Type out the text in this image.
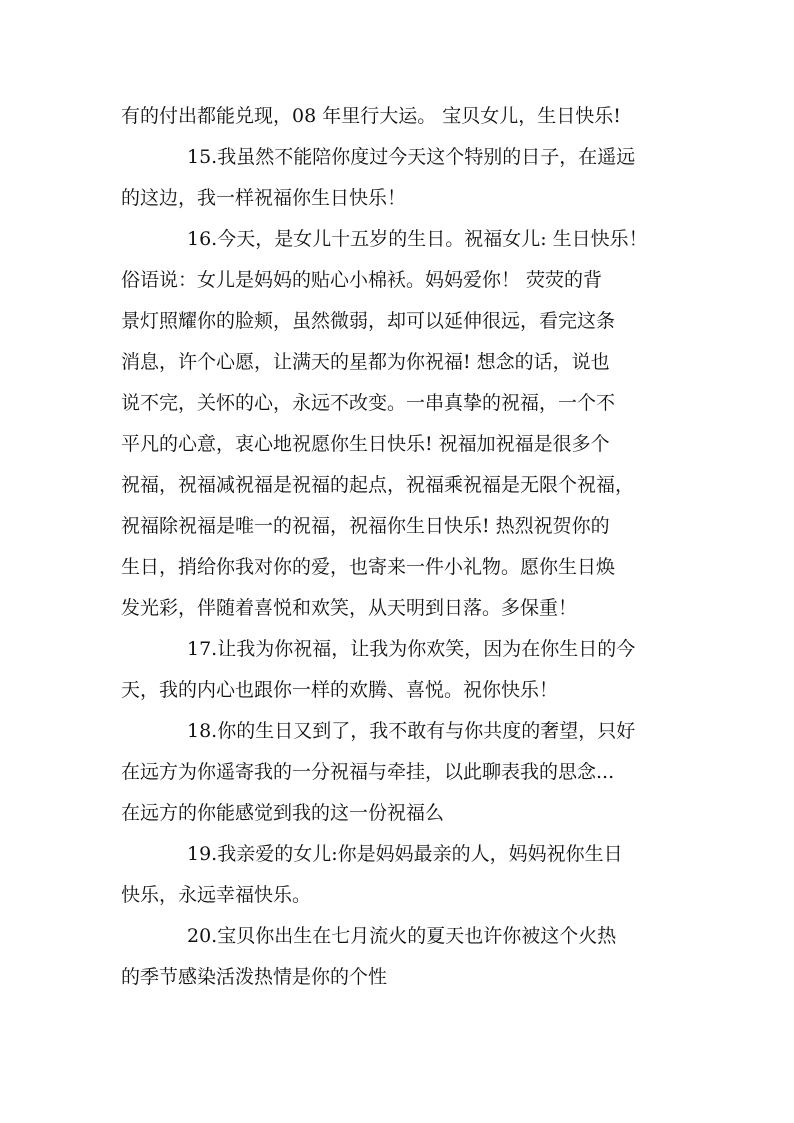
有的付出都能兑现，08 年里行大运。 宝贝女儿，生日快乐!
15.我虽然不能陪你度过今天这个特别的日子，在遥远
的这边，我一样祝福你生日快乐！
16.今天，是女儿十五岁的生日。祝福女儿: 生日快乐！
俗语说：女儿是妈妈的贴心小棉袄。妈妈爱你！ 荧荧的背
景灯照耀你的脸颊，虽然微弱，却可以延伸很远，看完这条
消息，许个心愿，让满天的星都为你祝福! 想念的话，说也
说不完，关怀的心，永远不改变。一串真挚的祝福，一个不
平凡的心意，衷心地祝愿你生日快乐! 祝福加祝福是很多个
祝福，祝福减祝福是祝福的起点，祝福乘祝福是无限个祝福，
祝福除祝福是唯一的祝福，祝福你生日快乐! 热烈祝贺你的
生日，捎给你我对你的爱，也寄来一件小礼物。愿你生日焕
发光彩，伴随着喜悦和欢笑，从天明到日落。多保重！
17.让我为你祝福，让我为你欢笑，因为在你生日的今
天，我的内心也跟你一样的欢腾、喜悦。祝你快乐！
18.你的生日又到了，我不敢有与你共度的奢望，只好
在远方为你遥寄我的一分祝福与牵挂，以此聊表我的思念...
在远方的你能感觉到我的这一份祝福么
19.我亲爱的女儿:你是妈妈最亲的人，妈妈祝你生日
快乐，永远幸福快乐。
20.宝贝你出生在七月流火的夏天也许你被这个火热
的季节感染活泼热情是你的个性
